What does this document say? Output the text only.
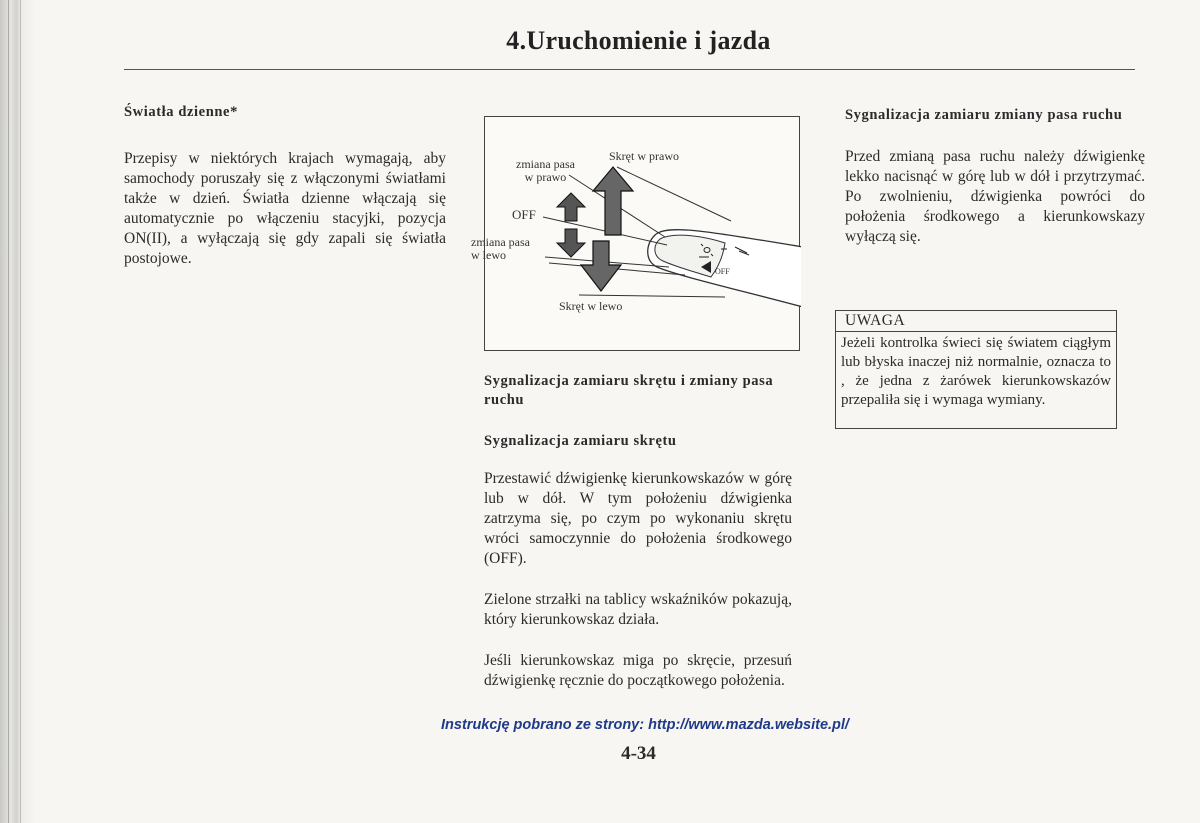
4.Uruchomienie i jazda
Światła dzienne*

Przepisy w niektórych krajach wymagają, aby samochody poruszały się z włączonymi światłami także w dzień. Światła dzienne włączają się automatycznie po włączeniu stacyjki, pozycja ON(II), a wyłączają się gdy zapali się światła postojowe.

zmiana pasa
w prawo
Skręt w prawo
OFF
zmiana pasa
w lewo
OFF
Skręt w lewo
Sygnalizacja zamiaru skrętu i zmiany pasa ruchu
Sygnalizacja zamiaru skrętu

Przestawić dźwigienkę kierunkowskazów w górę lub w dół. W tym położeniu dźwigienka zatrzyma się, po czym po wykonaniu skrętu wróci samoczynnie do położenia środkowego (OFF).

Zielone strzałki na tablicy wskaźników pokazują, który kierunkowskaz działa.

Jeśli kierunkowskaz miga po skręcie, przesuń dźwigienkę ręcznie do początkowego położenia.

Sygnalizacja zamiaru zmiany pasa ruchu

Przed zmianą pasa ruchu należy dźwigienkę lekko nacisnąć w górę lub w dół i przytrzymać. Po zwolnieniu, dźwigienka powróci do położenia środkowego a kierunkowskazy wyłączą się.

UWAGA
Jeżeli kontrolka świeci się światem ciągłym lub błyska inaczej niż normalnie, oznacza to , że jedna z żarówek kierunkowskazów przepaliła się i wymaga wymiany.
Instrukcję pobrano ze strony: http://www.mazda.website.pl/
4-34
